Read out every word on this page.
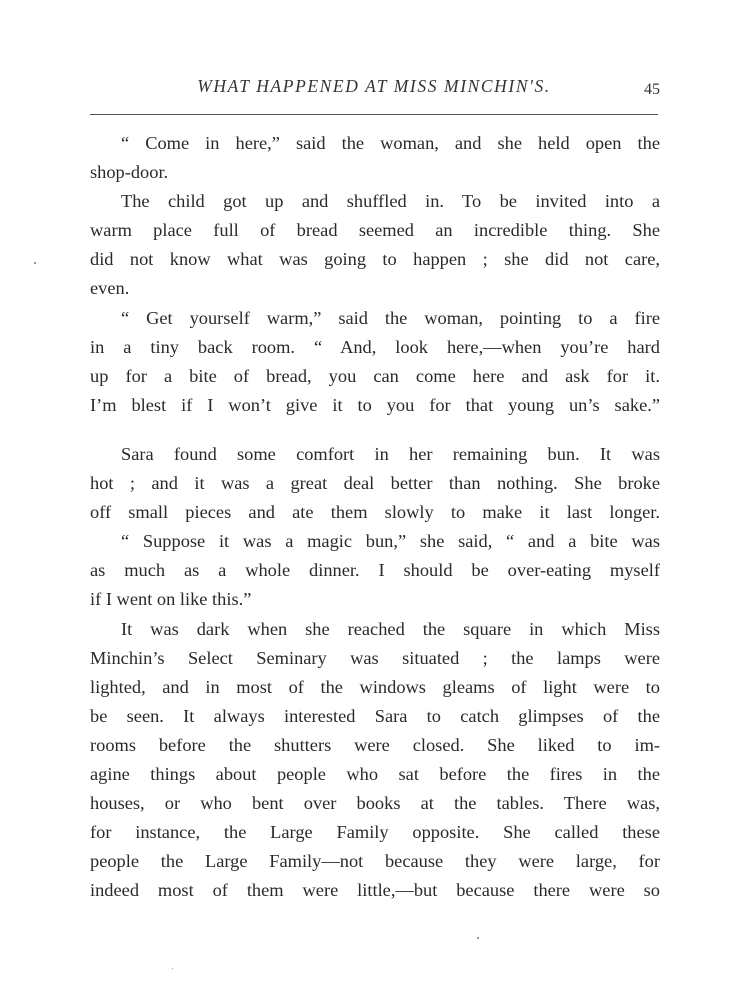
WHAT HAPPENED AT MISS MINCHIN'S.	45
“ Come in here,” said the woman, and she held open the
shop-door.
The child got up and shuffled in. To be invited into a
warm place full of bread seemed an incredible thing. She
did not know what was going to happen ; she did not care,
even.
“ Get yourself warm,” said the woman, pointing to a fire
in a tiny back room. “ And, look here,—when you’re hard
up for a bite of bread, you can come here and ask for it.
I’m blest if I won’t give it to you for that young un’s sake.”
Sara found some comfort in her remaining bun. It was
hot ; and it was a great deal better than nothing. She broke
off small pieces and ate them slowly to make it last longer.
“ Suppose it was a magic bun,” she said, “ and a bite was
as much as a whole dinner. I should be over-eating myself
if I went on like this.”
It was dark when she reached the square in which Miss
Minchin’s Select Seminary was situated ; the lamps were
lighted, and in most of the windows gleams of light were to
be seen. It always interested Sara to catch glimpses of the
rooms before the shutters were closed. She liked to im-
agine things about people who sat before the fires in the
houses, or who bent over books at the tables. There was,
for instance, the Large Family opposite. She called these
people the Large Family—not because they were large, for
indeed most of them were little,—but because there were so
